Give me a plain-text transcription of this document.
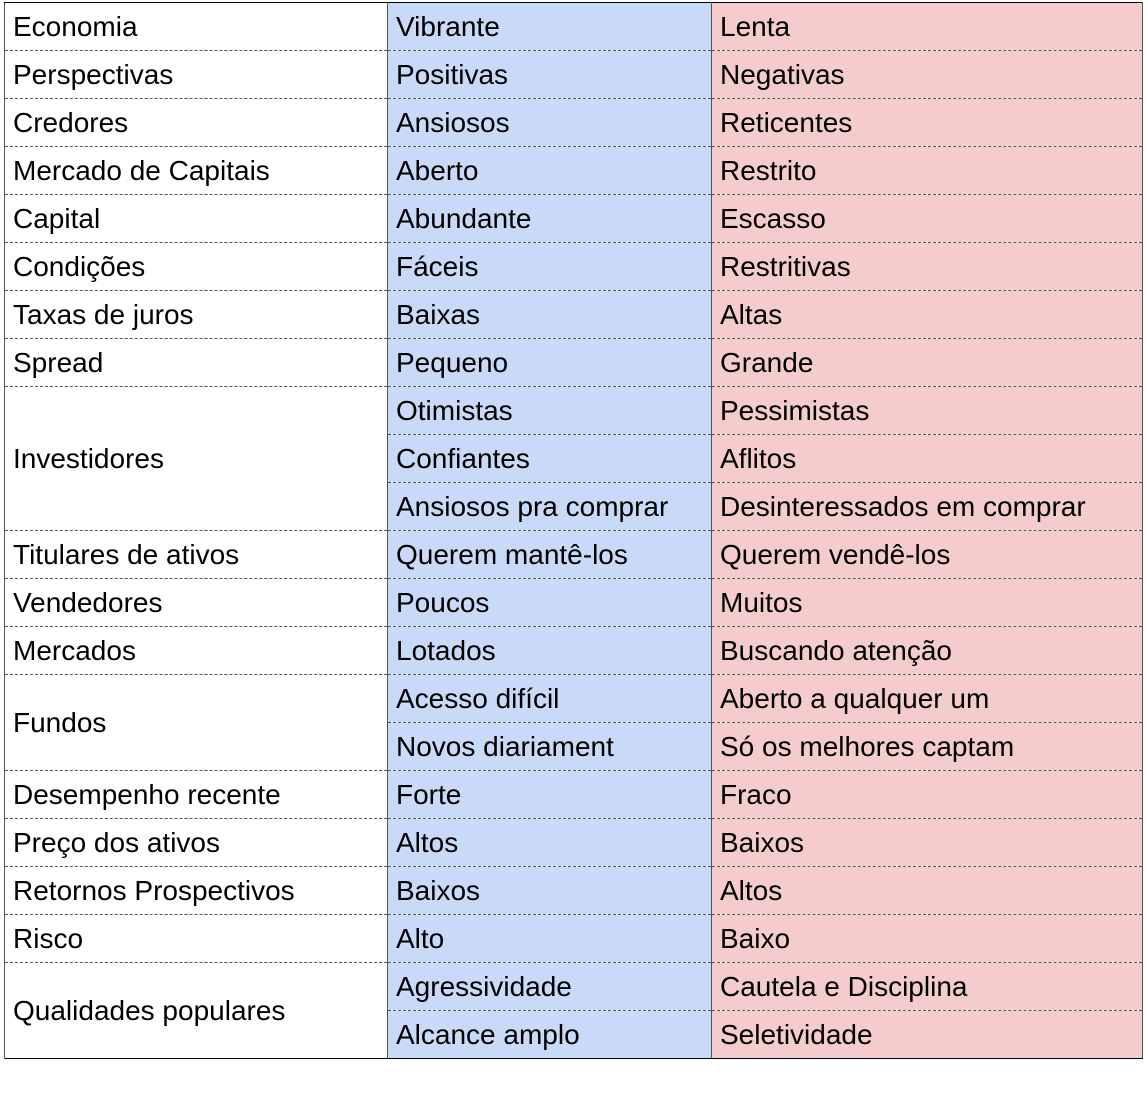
Economia	Vibrante	Lenta
Perspectivas	Positivas	Negativas
Credores	Ansiosos	Reticentes
Mercado de Capitais	Aberto	Restrito
Capital	Abundante	Escasso
Condições	Fáceis	Restritivas
Taxas de juros	Baixas	Altas
Spread	Pequeno	Grande
Investidores	Otimistas	Pessimistas
	Confiantes	Aflitos
	Ansiosos pra comprar	Desinteressados em comprar
Titulares de ativos	Querem mantê-los	Querem vendê-los
Vendedores	Poucos	Muitos
Mercados	Lotados	Buscando atenção
Fundos	Acesso difícil	Aberto a qualquer um
	Novos diariament	Só os melhores captam
Desempenho recente	Forte	Fraco
Preço dos ativos	Altos	Baixos
Retornos Prospectivos	Baixos	Altos
Risco	Alto	Baixo
Qualidades populares	Agressividade	Cautela e Disciplina
	Alcance amplo	Seletividade
